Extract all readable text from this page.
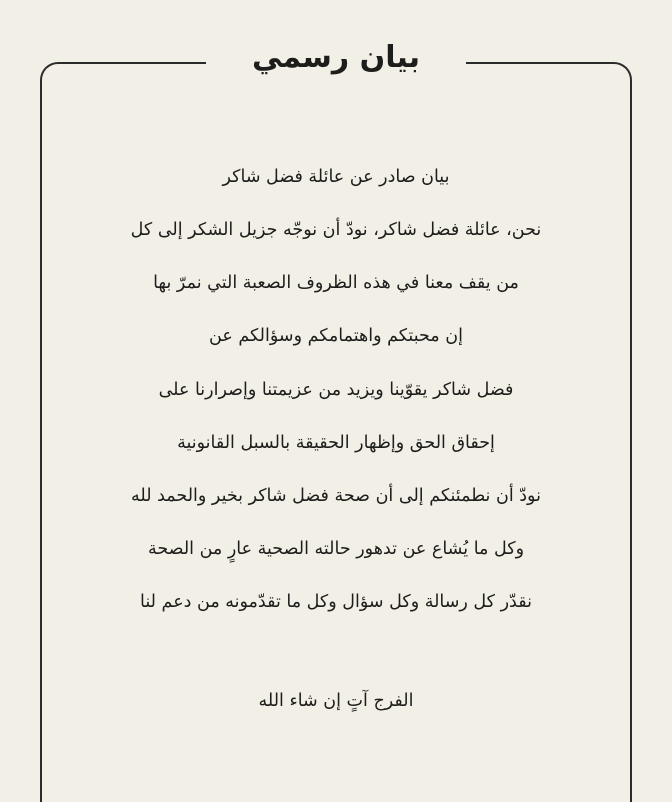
بيان رسمي

بيان صادر عن عائلة فضل شاكر

نحن، عائلة فضل شاكر، نودّ أن نوجّه جزيل الشكر إلى كل

من يقف معنا في هذه الظروف الصعبة التي نمرّ بها

إن محبتكم واهتمامكم وسؤالكم عن

فضل شاكر يقوّينا ويزيد من عزيمتنا وإصرارنا على

إحقاق الحق وإظهار الحقيقة بالسبل القانونية

نودّ أن نطمئنكم إلى أن صحة فضل شاكر بخير والحمد لله

وكل ما يُشاع عن تدهور حالته الصحية عارٍ من الصحة

نقدّر كل رسالة وكل سؤال وكل ما تقدّمونه من دعم لنا

الفرج آتٍ إن شاء الله
